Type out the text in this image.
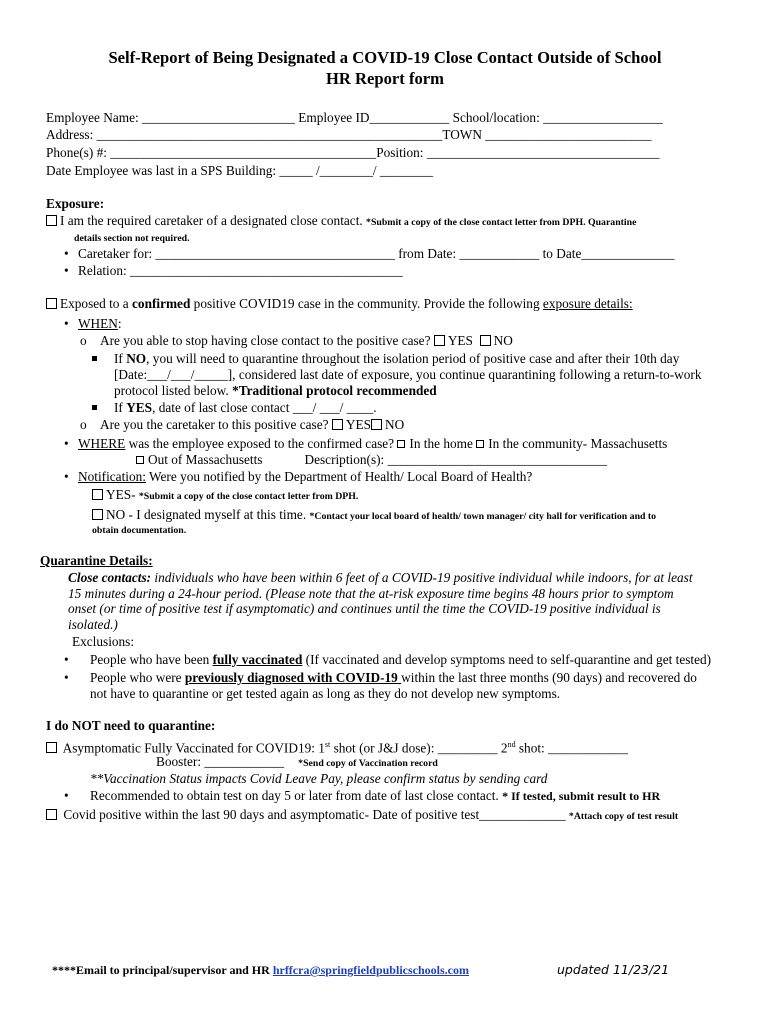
Self-Report of Being Designated a COVID-19 Close Contact Outside of School
HR Report form
Employee Name: _______________________ Employee ID____________ School/location: __________________
Address: ____________________________________________________TOWN _________________________
Phone(s) #: ________________________________________Position: ___________________________________
Date Employee was last in a SPS Building: _____ /________/ ________
Exposure:
I am the required caretaker of a designated close contact. *Submit a copy of the close contact letter from DPH. Quarantine
details section not required.
• Caretaker for: ____________________________________ from Date: ____________ to Date______________
• Relation: _________________________________________
Exposed to a confirmed positive COVID19 case in the community. Provide the following exposure details:
• WHEN:
o Are you able to stop having close contact to the positive case? YES NO
If NO, you will need to quarantine throughout the isolation period of positive case and after their 10th day
[Date:___/___/_____], considered last date of exposure, you continue quarantining following a return-to-work
protocol listed below. *Traditional protocol recommended
If YES, date of last close contact ___/ ___/ ____.
o Are you the caretaker to this positive case? YES NO
• WHERE was the employee exposed to the confirmed case? In the home In the community- Massachusetts
Out of Massachusetts	Description(s): _________________________________
• Notification: Were you notified by the Department of Health/ Local Board of Health?
YES- *Submit a copy of the close contact letter from DPH.
NO - I designated myself at this time. *Contact your local board of health/ town manager/ city hall for verification and to
obtain documentation.
Quarantine Details:
Close contacts: individuals who have been within 6 feet of a COVID-19 positive individual while indoors, for at least
15 minutes during a 24-hour period. (Please note that the at-risk exposure time begins 48 hours prior to symptom
onset (or time of positive test if asymptomatic) and continues until the time the COVID-19 positive individual is
isolated.)
Exclusions:
• People who have been fully vaccinated (If vaccinated and develop symptoms need to self-quarantine and get tested)
• People who were previously diagnosed with COVID-19 within the last three months (90 days) and recovered do
not have to quarantine or get tested again as long as they do not develop new symptoms.
I do NOT need to quarantine:
Asymptomatic Fully Vaccinated for COVID19: 1st shot (or J&J dose): _________ 2nd shot: ____________
Booster: ____________ *Send copy of Vaccination record
**Vaccination Status impacts Covid Leave Pay, please confirm status by sending card
• Recommended to obtain test on day 5 or later from date of last close contact. * If tested, submit result to HR
Covid positive within the last 90 days and asymptomatic- Date of positive test_____________ *Attach copy of test result
****Email to principal/supervisor and HR hrffcra@springfieldpublicschools.com	updated 11/23/21
